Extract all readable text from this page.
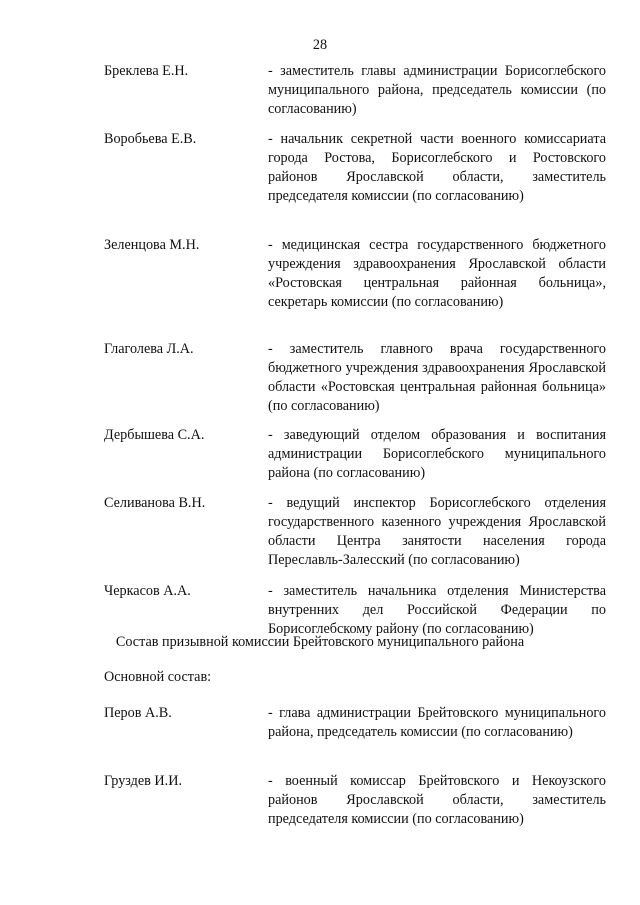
28
Бреклева Е.Н.	- заместитель главы администрации Борисоглебского муниципального района, председатель комиссии (по согласованию)
Воробьева Е.В.	- начальник секретной части военного комиссариата города Ростова, Борисоглебского и Ростовского районов Ярославской области, заместитель председателя комиссии (по согласованию)
Зеленцова М.Н.	- медицинская сестра государственного бюджетного учреждения здравоохранения Ярославской области «Ростовская центральная районная больница», секретарь комиссии (по согласованию)
Глаголева Л.А.	- заместитель главного врача государственного бюджетного учреждения здравоохранения Ярославской области «Ростовская центральная районная больница» (по согласованию)
Дербышева С.А.	- заведующий отделом образования и воспитания администрации Борисоглебского муниципального района (по согласованию)
Селиванова В.Н.	- ведущий инспектор Борисоглебского отделения государственного казенного учреждения Ярославской области Центра занятости населения города Переславль-Залесский (по согласованию)
Черкасов А.А.	- заместитель начальника отделения Министерства внутренних дел Российской Федерации по Борисоглебскому району (по согласованию)
Состав призывной комиссии Брейтовского муниципального района
Основной состав:
Перов А.В.	- глава администрации Брейтовского муниципального района, председатель комиссии (по согласованию)
Груздев И.И.	- военный комиссар Брейтовского и Некоузского районов Ярославской области, заместитель председателя комиссии (по согласованию)
